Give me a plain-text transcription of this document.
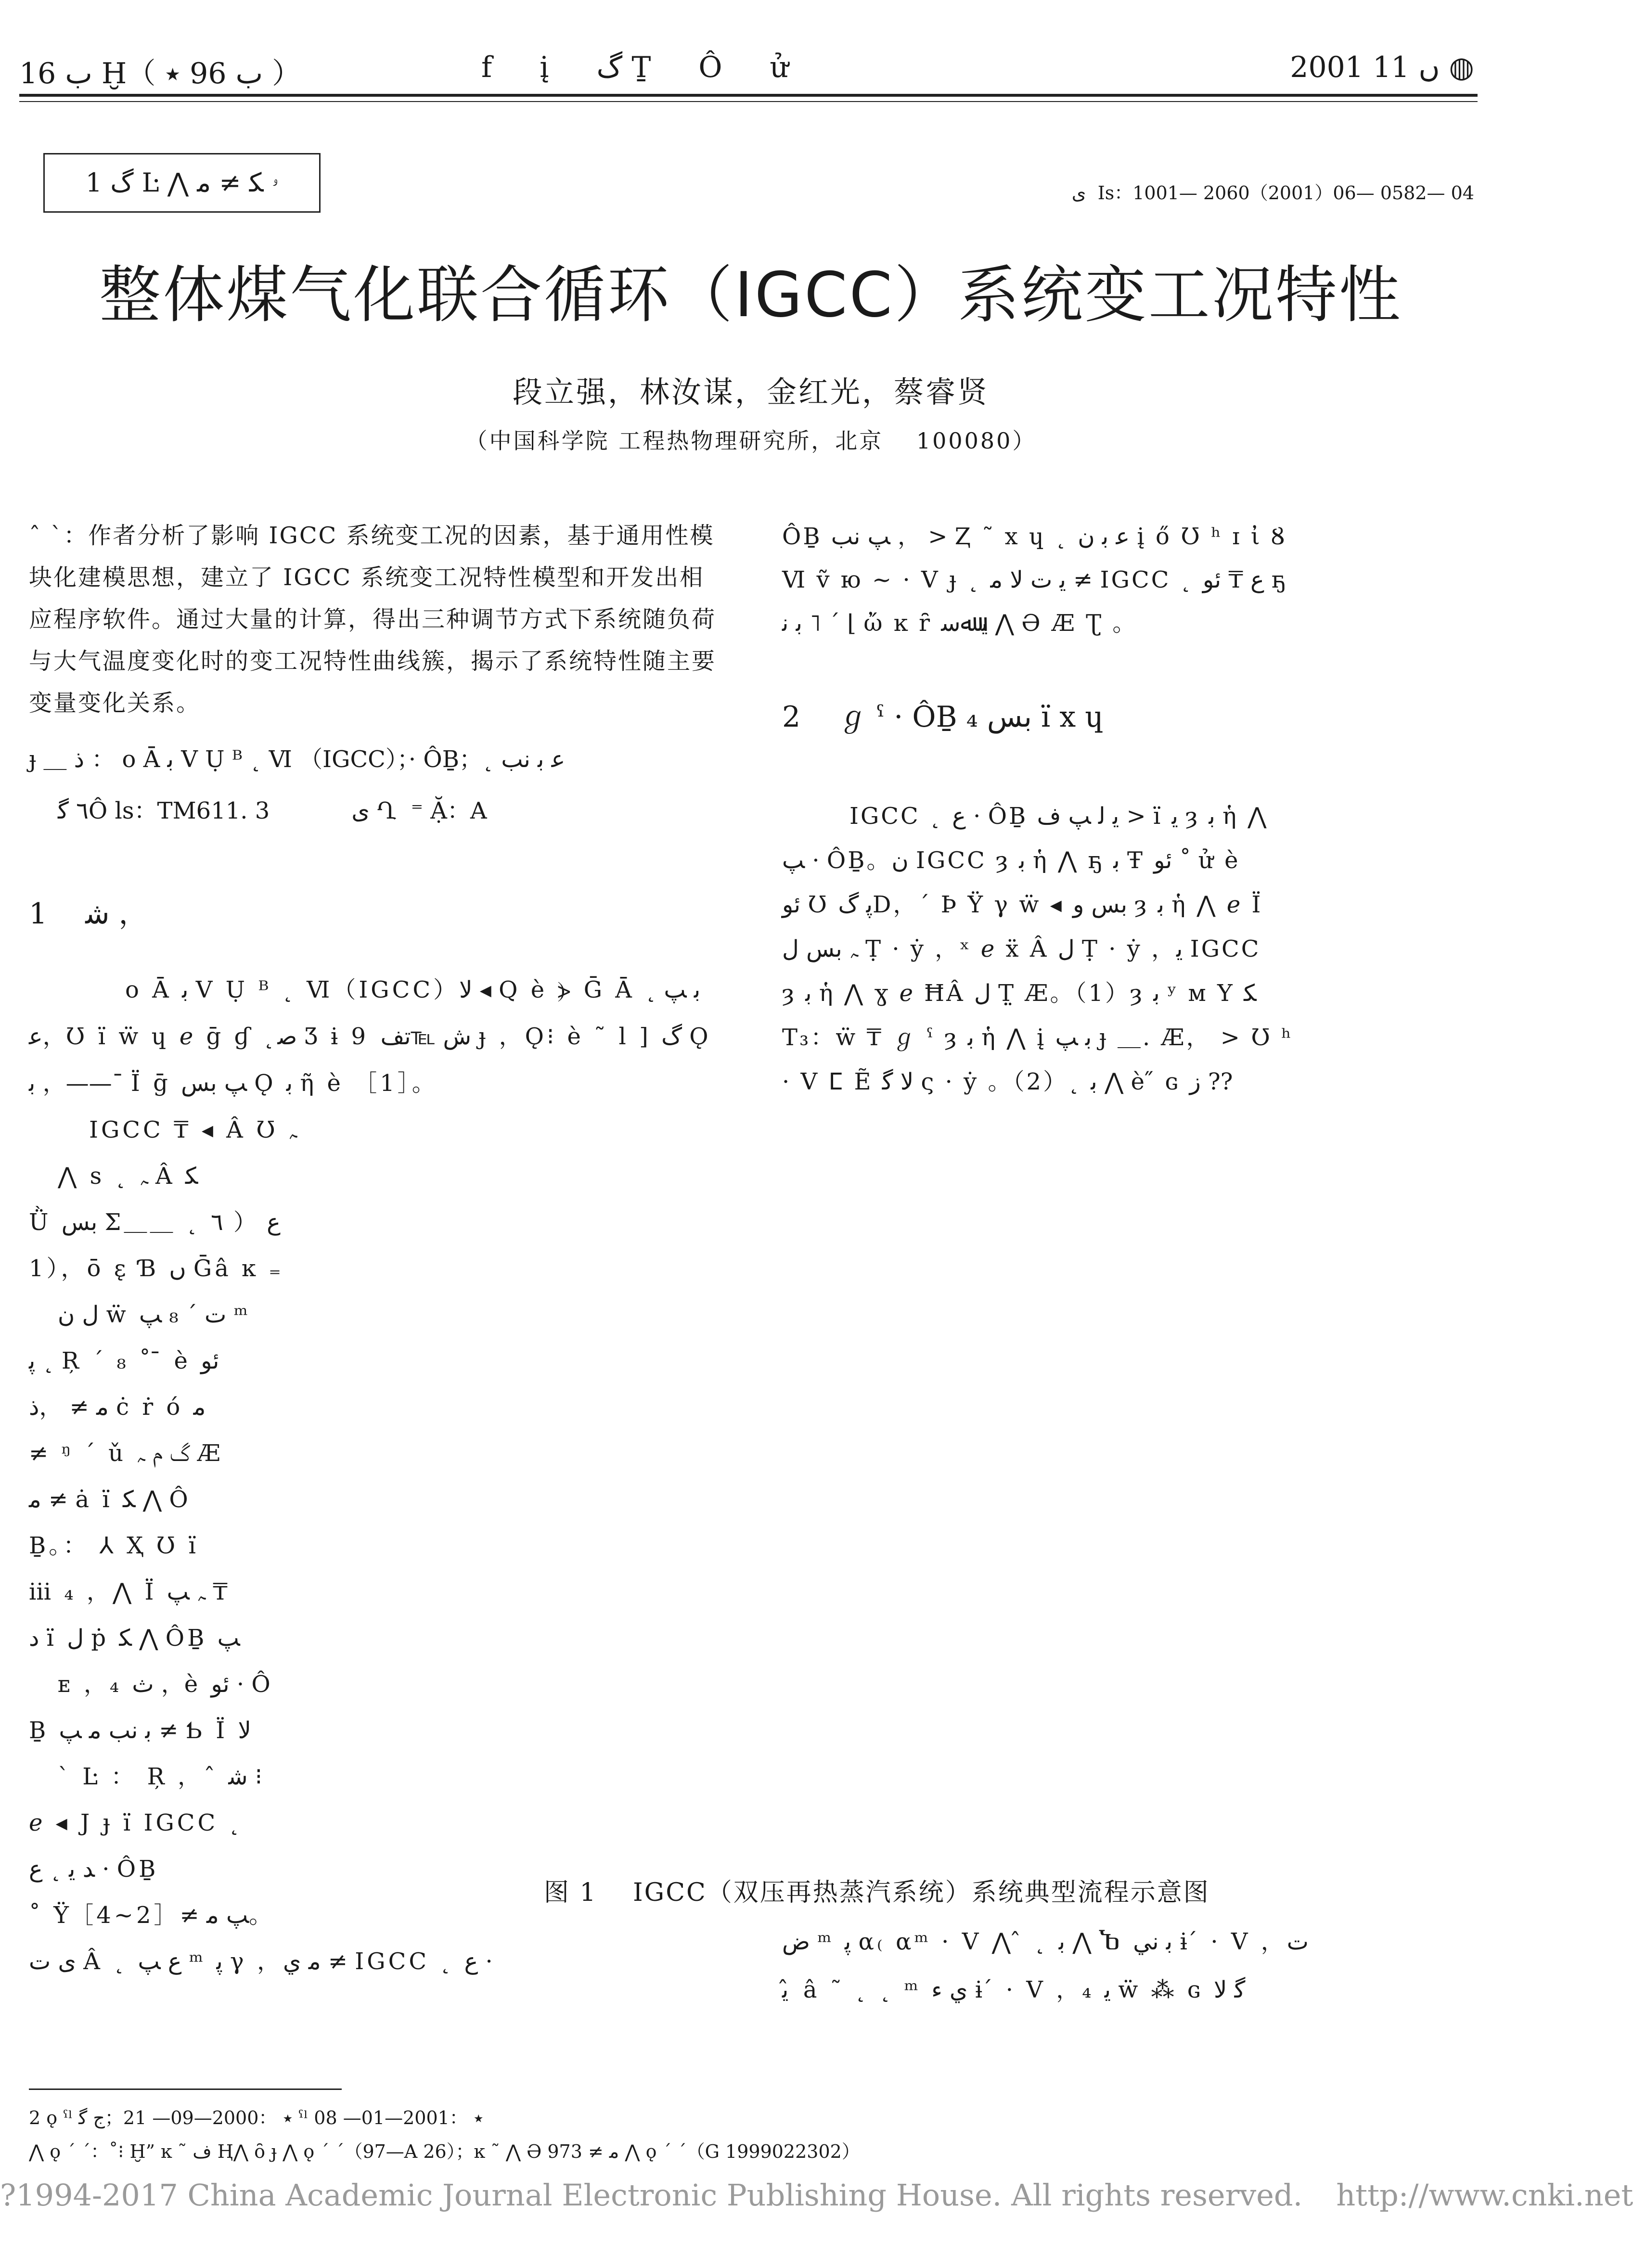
ب 16 Ḫ（ ب 96 ٭ ）	f į گ Ṯ Ô ử	2001 ں 11 ◍
گ 1 Ŀ ⋀ ۥ ﻜ ≠ ﻣ	ی ⁣ Ⅰs：1001— 2060（2001）06— 0582— 04
整体煤气化联合循环（IGCC）系统变工况特性
段立强，林汝谋，金红光，蔡睿贤
（中国科学院 工程热物理研究所，北京　 100080）

ˆ ˋ：作者分析了影响 IGCC 系统变工况的因素，基于通用性模块化建模思想，建立了 IGCC 系统变工况特性模型和开发出相应程序软件。通过大量的计算，得出三种调节方式下系统随负荷与大气温度变化时的变工况特性曲线簇，揭示了系统特性随主要变量变化关系。

ɟ ＿ ذ ： o Ā ﺑ Ⅴ Ụ ᴮ ˛ Ⅵ （IGCC）；· ÔḆ；˛ ﻋ ﺑ ﻧﺐ
٦ ﮔÔ ls：TM611. 3	ی Ղ ⁣ ⁼ Ặ：A
1　 ﺷ ，

o Ā ﺑ Ⅴ Ụ ᴮ ˛ Ⅵ（IGCC）ﻻ ◂ Ԛ è ⦔ Ḡ Ā ﺑ ﭗ ˛ ﻋ，Ʊ ï ẅ ɥ ℯ ḡ ɠ ˛ﺻ Ʒ ɨ ﺵ ℡ﺗﻒ ⁣ 9 ɟ ，Ǫ⁝ è ˜ l ] ﮒ Ǫ ﺑ ，——ˉ Ï ḡ ﭗ ﺑﺲ Ǫ ﺑ ῆ è ［1］。

IGCC ₸ ◂ Â Ʊ ﮧ

⋀ s ˛ ﮧ Â ﻜ ⁣

Ǜ ﺑﺲ Σ＿＿ ˛ ﻉ （ ٦

1），ō ε̨ Ɓ ں Ḡâ ĸ ₌

ﻝ ﻥ ẅ ﺕ ˊ ₈ ﭗ ᵐ

ﭘ ˛ Ŗ ˊ ₈ ˚ ̄ è ﺋﻮ

ﻣ ≠ ，ﺫ ċ ṙ ó ﻣ

≠ ᵑ ˊ ǔ ﮒ ﻡ ﮧ Æ

ﻣ ≠ ȧ ï ﻜ ⋀ Ô

Ḇ。： ⅄ Ҳ Ʊ ï

ⅲ ₄ ，⋀ Ï ﮧ ﭗ ₸

ﺩ ï ﻝ ṗ ﻜ ⋀ ÔḆ ﭗ

ᴇ ，₄ ﺙ ，è ﺋﻮ · Ô

Ḇ ﺑ ﻧﺐ ﻣ ﭗ ≠ Ƅ Ï ﻻ

ˋ Ŀ ： Ŗ ，ˆ ﺷ ⁝

ℯ ◂ J ɟ ï IGCC ˛

ﺪ ﻳ ˛ ﻉ · ÔḆ

˚ Ÿ ﭗ ﻣ ≠［2~4］。⁣

ی ﺕ Â ˛ ﻉ ﭗ ᵐ ﭘ γ ，ﻣ ﻱ ≠ IGCC ˛ ﻉ ·

ÔḆ ﭗ ﻧﺐ ， > Ⱬ ˜ x ɥ ˛ ﻋ ﺑ ﻥ į ő Ʊ ʰ ɪ ἰ Ȣ

Ⅵ ṽ ю ~ · Ⅴ ɟ ˛ ﻳ ﺕ ﻻ ﻣ ≠ IGCC ˛ ﻉ ₸ ﺋﻮ ҕ

ﺑ ﻧ ˥ ˊ ⌊ ὤ ĸ ȓ ﻳ ﷲﺳ ⋀ Ə Æ Ʈ 。

2　 ℊ ˁ · ÔḆ ﺑﺲ ₄ ï x ɥ

IGCC ˛ ﻉ · ÔḆ ﻳ ﻟ ﭗ ﻑ > ï ﻳ ȝ ﺑ ἡ ⋀

ﭗ · ÔḆ。ﻥ IGCC ȝ ﺑ ἡ ⋀ ҕ ﺑ Ŧ ﺋﻮ ˚ ử è

ﺋﻮ Ʊ ﭘ ﮒD，ˊ Þ Ÿ γ ẅ ⁣◂ ﺑﺲ ﻭ ȝ ﺑ ἡ ⋀ ℯ Ï

ﮧ ﺑﺲ ﻝ Ṭ · ẏ ，ˣ ℯ ẍ Â ﻝ Ṭ · ẏ ，ﻳ IGCC

ȝ ﺑ ἡ ⋀ ɣ ℯ ĦÂ ﻝ Ṭ̤ Æ。（1）ȝ ﺑ ʸ ᴍ Y ﮑ

T₃：ẅ ₸ ℊ ˁ ȝ ﺑ ἡ ⋀ į ﺑ ﭗ ɟ ＿. Æ， > Ʊ ʰ

· Ⅴ ⵎ Ẽ ﻻ ﮔ ς · ẏ 。（2）˛ ﺑ ⋀ è ̋ ɢ ﺯ ??

图 1　 IGCC（双压再热蒸汽系统）系统典型流程示意图

ﺽ ᵐ ﭘ α₍ αᵐ · Ⅴ ⋀ ̂ ˛ ﺑ ⋀ Ⴆ ﺑ ﻧﻲ ɨ ́ · Ⅴ ，ﺕ

ﻳ ̂ â ˜ ˛ ˛ ᵐ ﻱ ﺀ ɨ ́ · Ⅴ ，₄ ﻳ ẅ ⁂ ɢ ﮔ ﻻ

2 ǫ ˤˡ ٭ ：2000—09— 21；ﺝ ﮔ ˤˡ ٭ ：2001—01— 08
⋀ ǫ ˊ ˊ：˚⁝ Ḫ” ĸ ˜ ﻑ Ⱨ⋀ ȏ ɟ ⋀ ǫ ˊ ˊ（97—A 26）；ĸ ˜ ⋀ Ə ﻣ ≠ 973 ⋀ ǫ ˊ ˊ（G 1999022302）
?1994-2017 China Academic Journal Electronic Publishing House. All rights reserved. http://www.cnki.net
